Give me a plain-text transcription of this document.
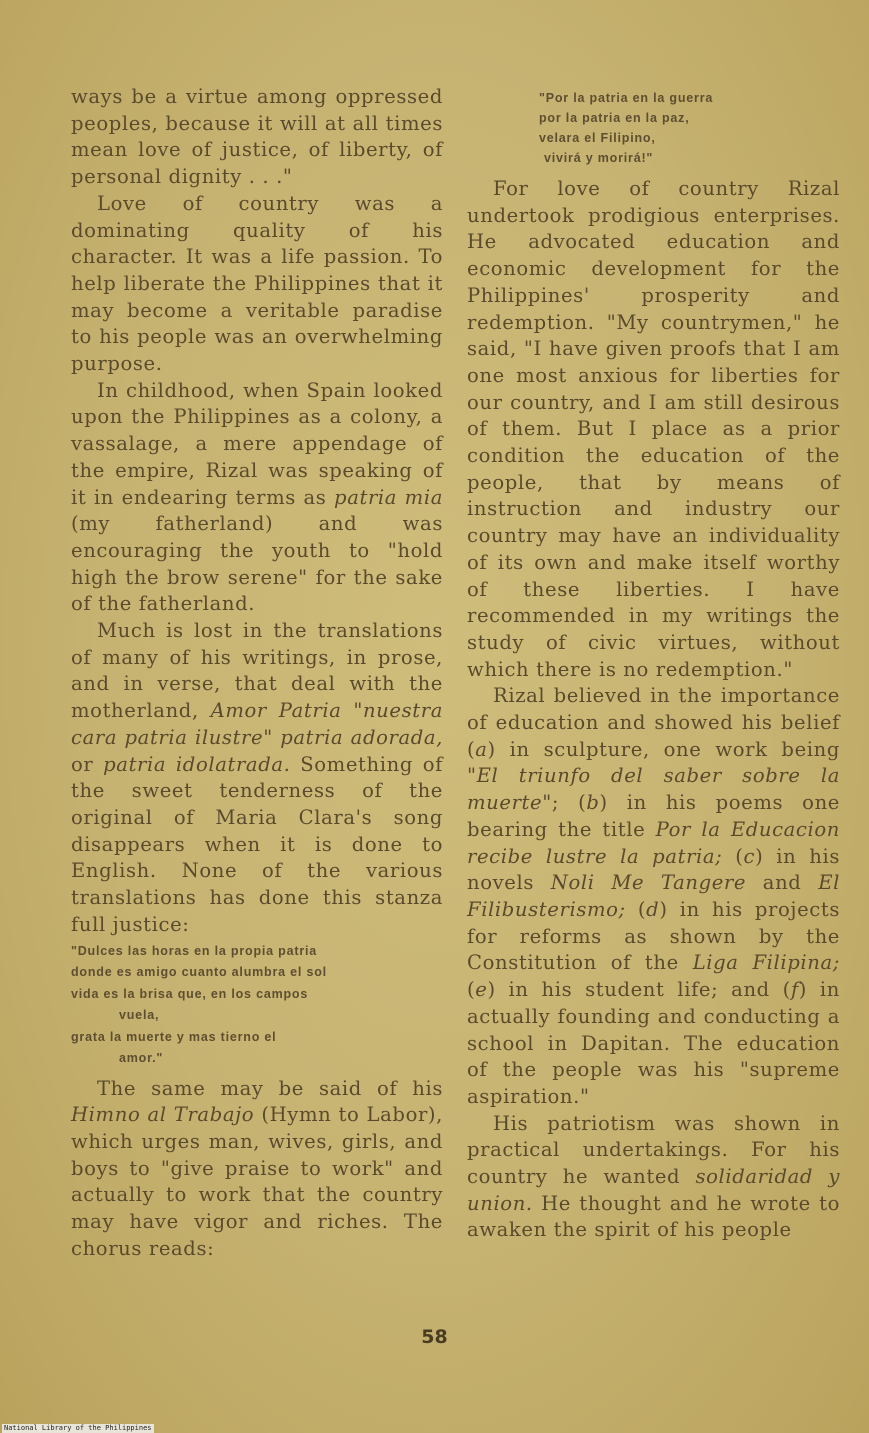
ways be a virtue among oppressed peoples, because it will at all times mean love of justice, of liberty, of personal dignity . . ."

Love of country was a dominating quality of his character. It was a life passion. To help liberate the Philippines that it may become a veritable paradise to his people was an overwhelming purpose.

In childhood, when Spain looked upon the Philippines as a colony, a vassalage, a mere appendage of the empire, Rizal was speaking of it in endearing terms as patria mia (my fatherland) and was encouraging the youth to "hold high the brow serene" for the sake of the fatherland.

Much is lost in the translations of many of his writings, in prose, and in verse, that deal with the motherland, Amor Patria "nuestra cara patria ilustre" patria adorada, or patria idolatrada. Something of the sweet tenderness of the original of Maria Clara's song disappears when it is done to English. None of the various translations has done this stanza full justice:

"Dulces las horas en la propia patria
donde es amigo cuanto alumbra el sol
vida es la brisa que, en los campos
vuela,
grata la muerte y mas tierno el
amor."

The same may be said of his Himno al Trabajo (Hymn to Labor), which urges man, wives, girls, and boys to "give praise to work" and actually to work that the country may have vigor and riches. The chorus reads:

"Por la patria en la guerra
por la patria en la paz,
velara el Filipino,
vivirá y morirá!"

For love of country Rizal undertook prodigious enterprises. He advocated education and economic development for the Philippines' prosperity and redemption. "My countrymen," he said, "I have given proofs that I am one most anxious for liberties for our country, and I am still desirous of them. But I place as a prior condition the education of the people, that by means of instruction and industry our country may have an individuality of its own and make itself worthy of these liberties. I have recommended in my writings the study of civic virtues, without which there is no redemption."

Rizal believed in the importance of education and showed his belief (a) in sculpture, one work being "El triunfo del saber sobre la muerte"; (b) in his poems one bearing the title Por la Educacion recibe lustre la patria; (c) in his novels Noli Me Tangere and El Filibusterismo; (d) in his projects for reforms as shown by the Constitution of the Liga Filipina; (e) in his student life; and (f) in actually founding and conducting a school in Dapitan. The education of the people was his "supreme aspiration."

His patriotism was shown in practical undertakings. For his country he wanted solidaridad y union. He thought and he wrote to awaken the spirit of his people

58
National Library of the Philippines
